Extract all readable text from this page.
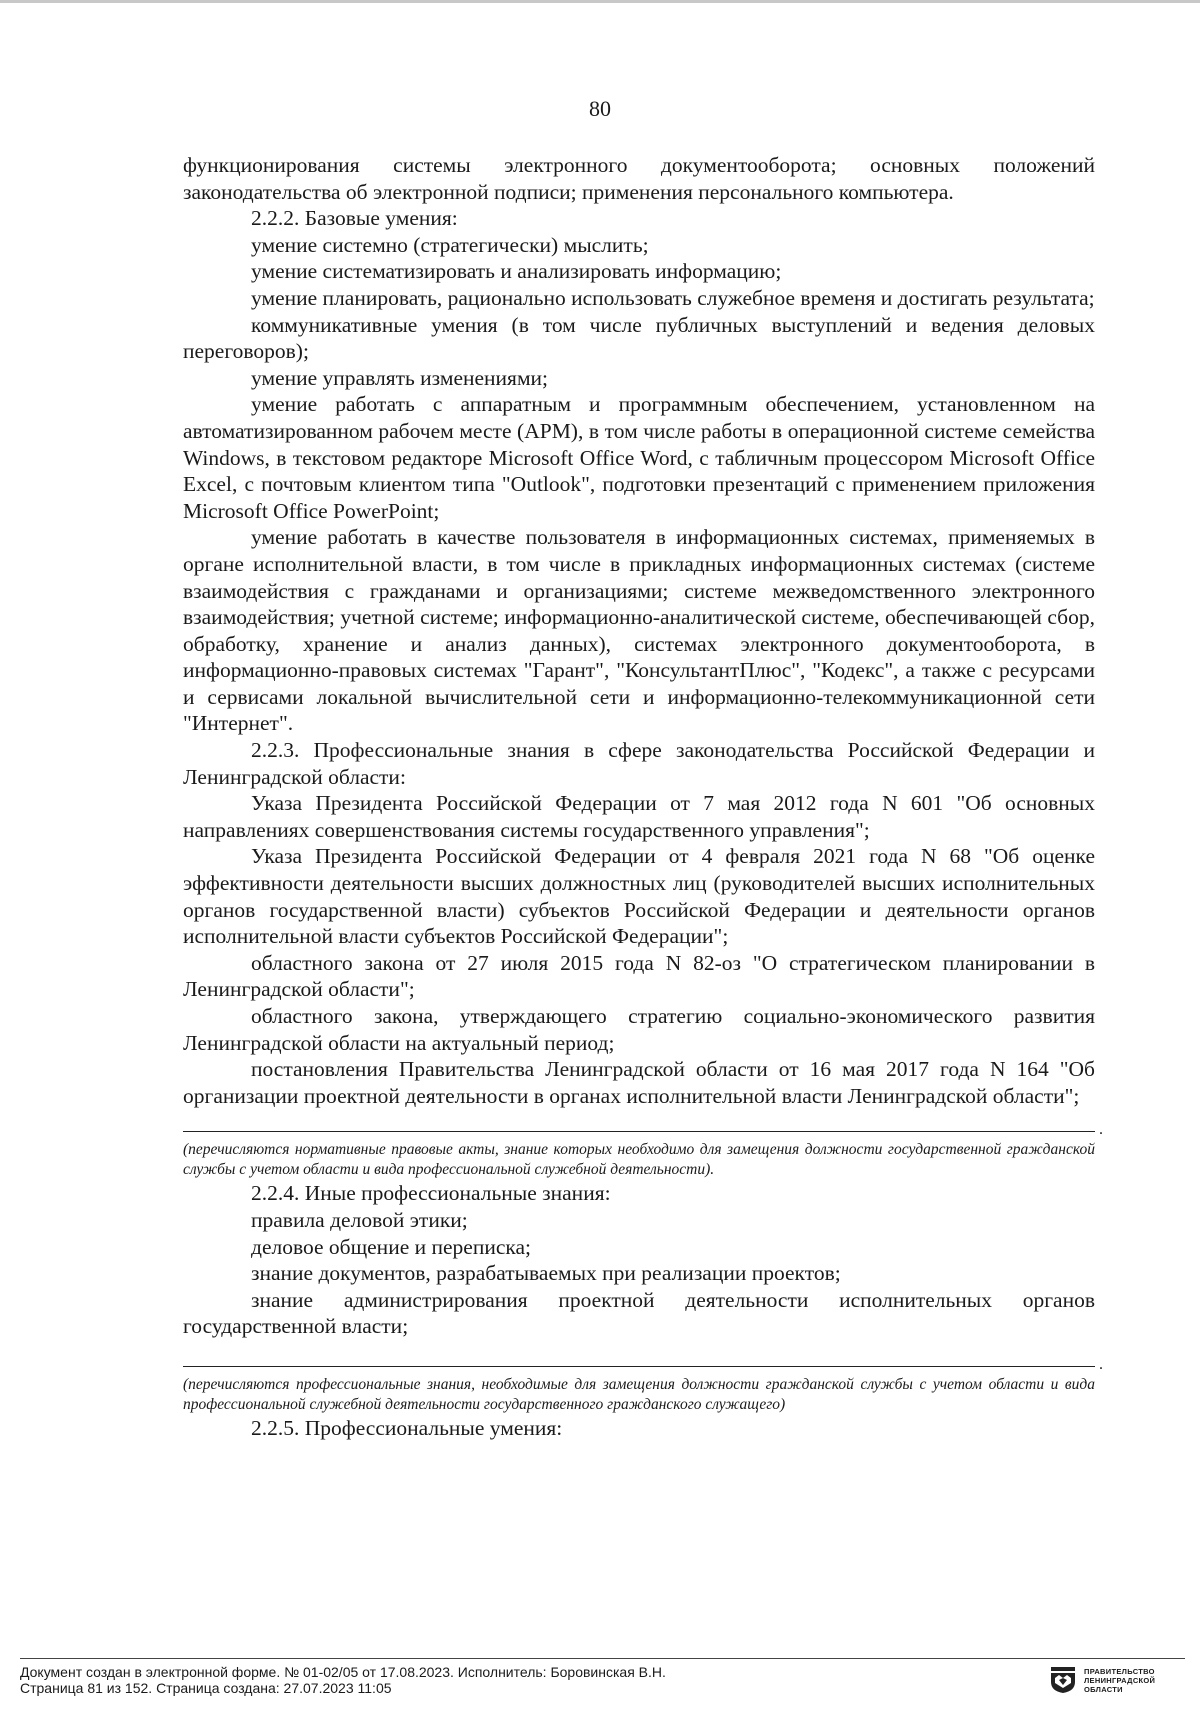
80

функционирования системы электронного документооборота; основных положений законодательства об электронной подписи; применения персонального компьютера.

2.2.2. Базовые умения:

умение системно (стратегически) мыслить;

умение систематизировать и анализировать информацию;

умение планировать, рационально использовать служебное временя и достигать результата;

коммуникативные умения (в том числе публичных выступлений и ведения деловых переговоров);

умение управлять изменениями;

умение работать с аппаратным и программным обеспечением, установленном на автоматизированном рабочем месте (АРМ), в том числе работы в операционной системе семейства Windows, в текстовом редакторе Microsoft Office Word, с табличным процессором Microsoft Office Excel, с почтовым клиентом типа "Outlook", подготовки презентаций с применением приложения Microsoft Office PowerPoint;

умение работать в качестве пользователя в информационных системах, применяемых в органе исполнительной власти, в том числе в прикладных информационных системах (системе взаимодействия с гражданами и организациями; системе межведомственного электронного взаимодействия; учетной системе; информационно-аналитической системе, обеспечивающей сбор, обработку, хранение и анализ данных), системах электронного документооборота, в информационно-правовых системах "Гарант", "КонсультантПлюс", "Кодекс", а также с ресурсами и сервисами локальной вычислительной сети и информационно-телекоммуникационной сети "Интернет".

2.2.3. Профессиональные знания в сфере законодательства Российской Федерации и Ленинградской области:

Указа Президента Российской Федерации от 7 мая 2012 года N 601 "Об основных направлениях совершенствования системы государственного управления";

Указа Президента Российской Федерации от 4 февраля 2021 года N 68 "Об оценке эффективности деятельности высших должностных лиц (руководителей высших исполнительных органов государственной власти) субъектов Российской Федерации и деятельности органов исполнительной власти субъектов Российской Федерации";

областного закона от 27 июля 2015 года N 82-оз "О стратегическом планировании в Ленинградской области";

областного закона, утверждающего стратегию социально-экономического развития Ленинградской области на актуальный период;

постановления Правительства Ленинградской области от 16 мая 2017 года N 164 "Об организации проектной деятельности в органах исполнительной власти Ленинградской области";

.

(перечисляются нормативные правовые акты, знание которых необходимо для замещения должности государственной гражданской службы с учетом области и вида профессиональной служебной деятельности).

2.2.4. Иные профессиональные знания:

правила деловой этики;

деловое общение и переписка;

знание документов, разрабатываемых при реализации проектов;

знание администрирования проектной деятельности исполнительных органов государственной власти;

.

(перечисляются профессиональные знания, необходимые для замещения должности гражданской службы с учетом области и вида профессиональной служебной деятельности государственного гражданского служащего)

2.2.5. Профессиональные умения:

Документ создан в электронной форме. № 01-02/05 от 17.08.2023. Исполнитель: Боровинская В.Н.
Страница 81 из 152. Страница создана: 27.07.2023 11:05
ПРАВИТЕЛЬСТВО
ЛЕНИНГРАДСКОЙ
ОБЛАСТИ
